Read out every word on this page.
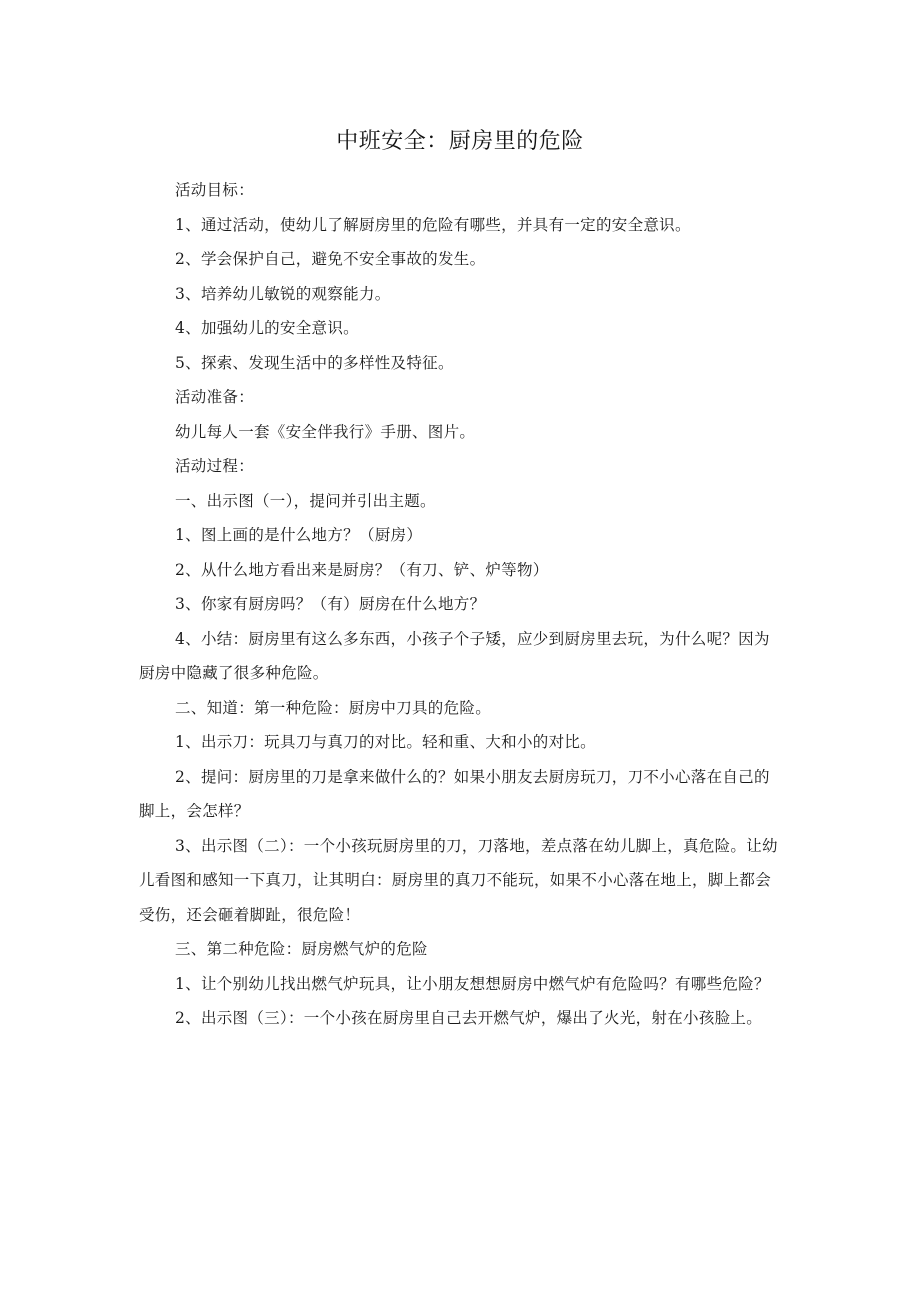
中班安全：厨房里的危险

活动目标：

1、通过活动，使幼儿了解厨房里的危险有哪些，并具有一定的安全意识。

2、学会保护自己，避免不安全事故的发生。

3、培养幼儿敏锐的观察能力。

4、加强幼儿的安全意识。

5、探索、发现生活中的多样性及特征。

活动准备：

幼儿每人一套《安全伴我行》手册、图片。

活动过程：

一、出示图（一），提问并引出主题。

1、图上画的是什么地方？（厨房）

2、从什么地方看出来是厨房？（有刀、铲、炉等物）

3、你家有厨房吗？（有）厨房在什么地方？

4、小结：厨房里有这么多东西，小孩子个子矮，应少到厨房里去玩，为什么呢？因为厨房中隐藏了很多种危险。

二、知道：第一种危险：厨房中刀具的危险。

1、出示刀：玩具刀与真刀的对比。轻和重、大和小的对比。

2、提问：厨房里的刀是拿来做什么的？如果小朋友去厨房玩刀，刀不小心落在自己的脚上，会怎样？

3、出示图（二）：一个小孩玩厨房里的刀，刀落地，差点落在幼儿脚上，真危险。让幼儿看图和感知一下真刀，让其明白：厨房里的真刀不能玩，如果不小心落在地上，脚上都会受伤，还会砸着脚趾，很危险！

三、第二种危险：厨房燃气炉的危险

1、让个别幼儿找出燃气炉玩具，让小朋友想想厨房中燃气炉有危险吗？有哪些危险？

2、出示图（三）：一个小孩在厨房里自己去开燃气炉，爆出了火光，射在小孩脸上。
